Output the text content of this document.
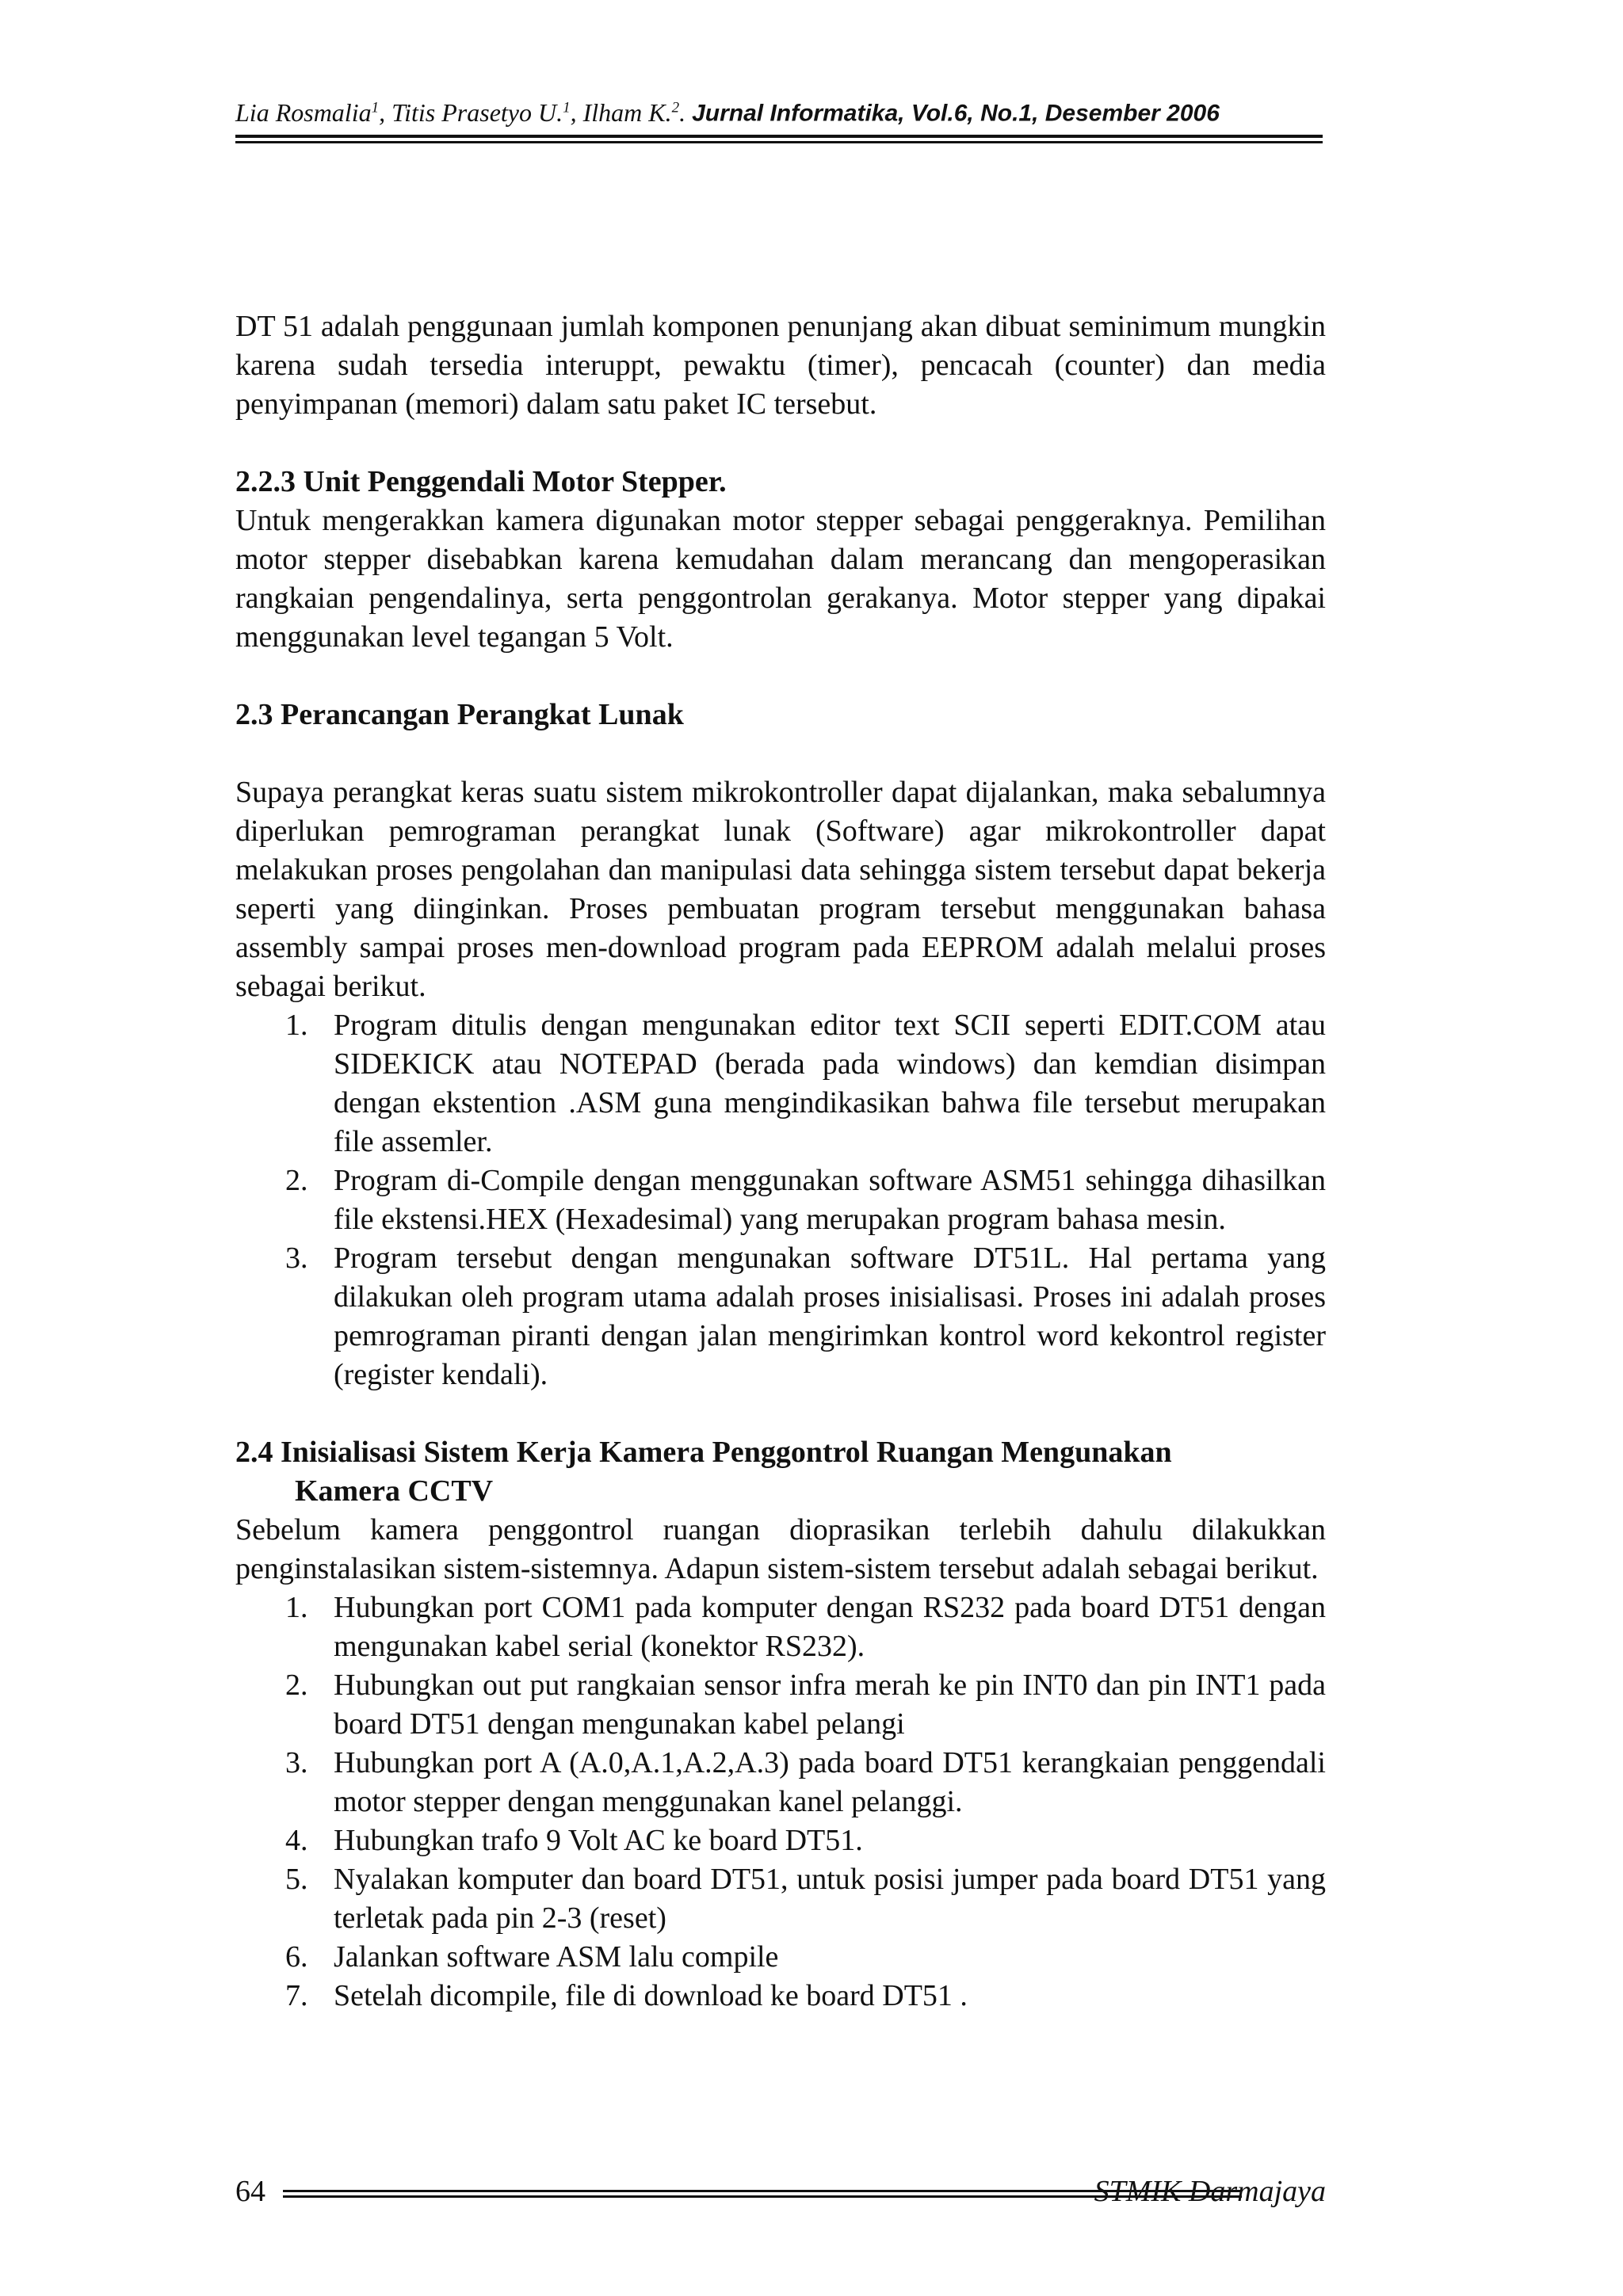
Lia Rosmalia$^1$, Titis Prasetyo U.$^1$, Ilham K.$^2$. Jurnal Informatika, Vol.6, No.1, Desember 2006

DT 51 adalah penggunaan jumlah komponen penunjang akan dibuat seminimum mungkin karena sudah tersedia interuppt, pewaktu (timer), pencacah (counter) dan media penyimpanan (memori) dalam satu paket IC tersebut.

2.2.3 Unit Penggendali Motor Stepper.

Untuk mengerakkan kamera digunakan motor stepper sebagai penggeraknya. Pemilihan motor stepper disebabkan karena kemudahan dalam merancang dan mengoperasikan rangkaian pengendalinya, serta penggontrolan gerakanya. Motor stepper yang dipakai menggunakan level tegangan 5 Volt.

2.3 Perancangan Perangkat Lunak

Supaya perangkat keras suatu sistem mikrokontroller dapat dijalankan, maka sebalumnya diperlukan pemrograman perangkat lunak (Software) agar mikrokontroller dapat melakukan proses pengolahan dan manipulasi data sehingga sistem tersebut dapat bekerja seperti yang diinginkan. Proses pembuatan program tersebut menggunakan bahasa assembly sampai proses men-download program pada EEPROM adalah melalui proses sebagai berikut.

1. Program ditulis dengan mengunakan editor text SCII seperti EDIT.COM atau SIDEKICK atau NOTEPAD (berada pada windows) dan kemdian disimpan dengan ekstention .ASM guna mengindikasikan bahwa file tersebut merupakan file assemler.
2. Program di-Compile dengan menggunakan software ASM51 sehingga dihasilkan file ekstensi.HEX (Hexadesimal) yang merupakan program bahasa mesin.
3. Program tersebut dengan mengunakan software DT51L. Hal pertama yang dilakukan oleh program utama adalah proses inisialisasi. Proses ini adalah proses pemrograman piranti dengan jalan mengirimkan kontrol word kekontrol register (register kendali).
2.4 Inisialisasi Sistem Kerja Kamera Penggontrol Ruangan Mengunakan
Kamera CCTV

Sebelum kamera penggontrol ruangan dioprasikan terlebih dahulu dilakukkan penginstalasikan sistem-sistemnya. Adapun sistem-sistem tersebut adalah sebagai berikut.

1. Hubungkan port COM1 pada komputer dengan RS232 pada board DT51 dengan mengunakan kabel serial (konektor RS232).
2. Hubungkan out put rangkaian sensor infra merah ke pin INT0 dan pin INT1 pada board DT51 dengan mengunakan kabel pelangi
3. Hubungkan port A (A.0,A.1,A.2,A.3) pada board DT51 kerangkaian penggendali motor stepper dengan menggunakan kanel pelanggi.
4. Hubungkan trafo 9 Volt AC ke board DT51.
5. Nyalakan komputer dan board DT51, untuk posisi jumper pada board DT51 yang terletak pada pin 2-3 (reset)
6. Jalankan software ASM lalu compile
7. Setelah dicompile, file di download ke board DT51 .
64	STMIK Darmajaya
